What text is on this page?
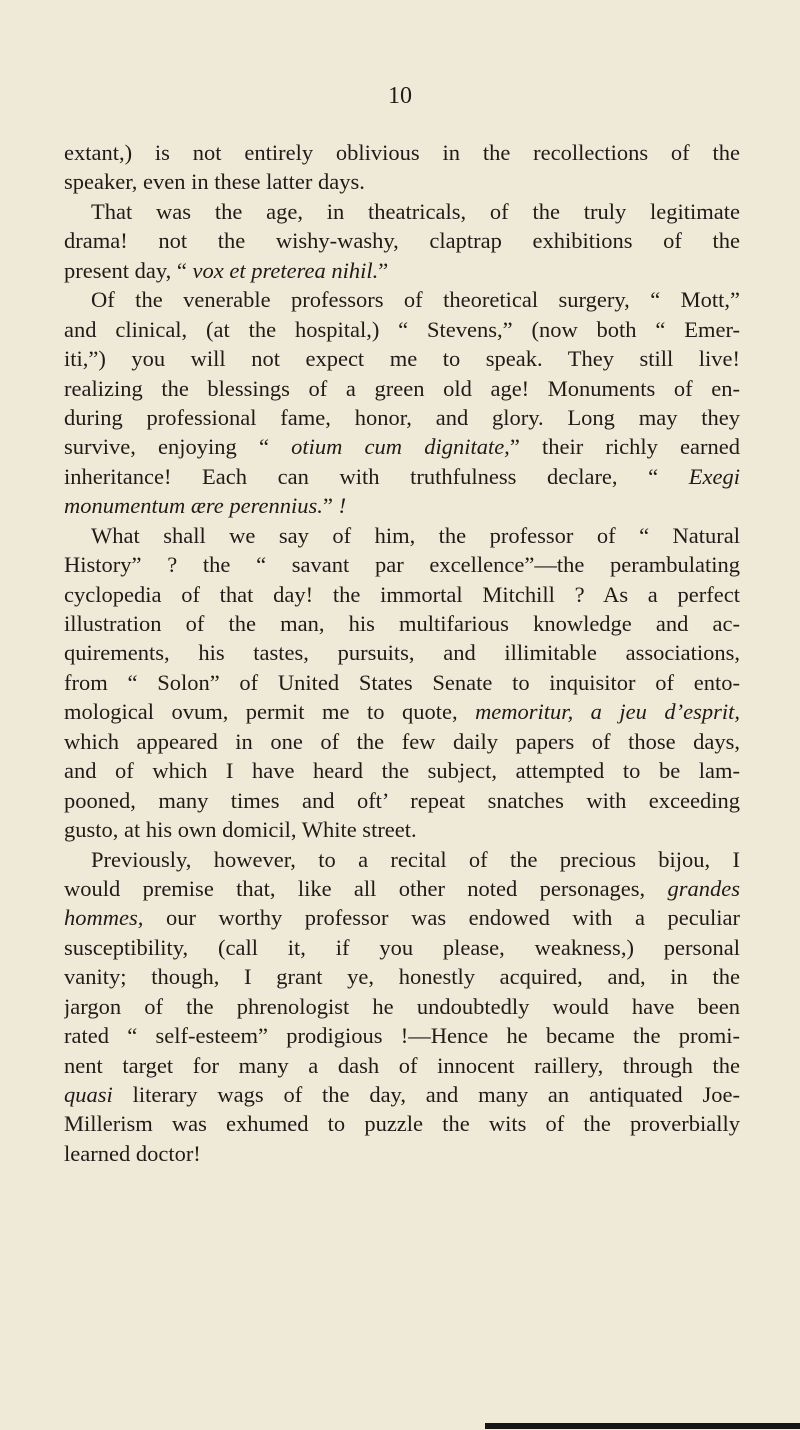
10
extant,) is not entirely oblivious in the recollections of the
speaker, even in these latter days.
That was the age, in theatricals, of the truly legitimate
drama! not the wishy-washy, claptrap exhibitions of the
present day, “ vox et preterea nihil.”
Of the venerable professors of theoretical surgery, “ Mott,”
and clinical, (at the hospital,) “ Stevens,” (now both “ Emer-
iti,”) you will not expect me to speak. They still live!
realizing the blessings of a green old age! Monuments of en-
during professional fame, honor, and glory. Long may they
survive, enjoying “ otium cum dignitate,” their richly earned
inheritance! Each can with truthfulness declare, “ Exegi
monumentum ære perennius.” !
What shall we say of him, the professor of “ Natural
History” ? the “ savant par excellence”—the perambulating
cyclopedia of that day! the immortal Mitchill ? As a perfect
illustration of the man, his multifarious knowledge and ac-
quirements, his tastes, pursuits, and illimitable associations,
from “ Solon” of United States Senate to inquisitor of ento-
mological ovum, permit me to quote, memoritur, a jeu d’esprit,
which appeared in one of the few daily papers of those days,
and of which I have heard the subject, attempted to be lam-
pooned, many times and oft’ repeat snatches with exceeding
gusto, at his own domicil, White street.
Previously, however, to a recital of the precious bijou, I
would premise that, like all other noted personages, grandes
hommes, our worthy professor was endowed with a peculiar
susceptibility, (call it, if you please, weakness,) personal
vanity; though, I grant ye, honestly acquired, and, in the
jargon of the phrenologist he undoubtedly would have been
rated “ self-esteem” prodigious !—Hence he became the promi-
nent target for many a dash of innocent raillery, through the
quasi literary wags of the day, and many an antiquated Joe-
Millerism was exhumed to puzzle the wits of the proverbially
learned doctor!
